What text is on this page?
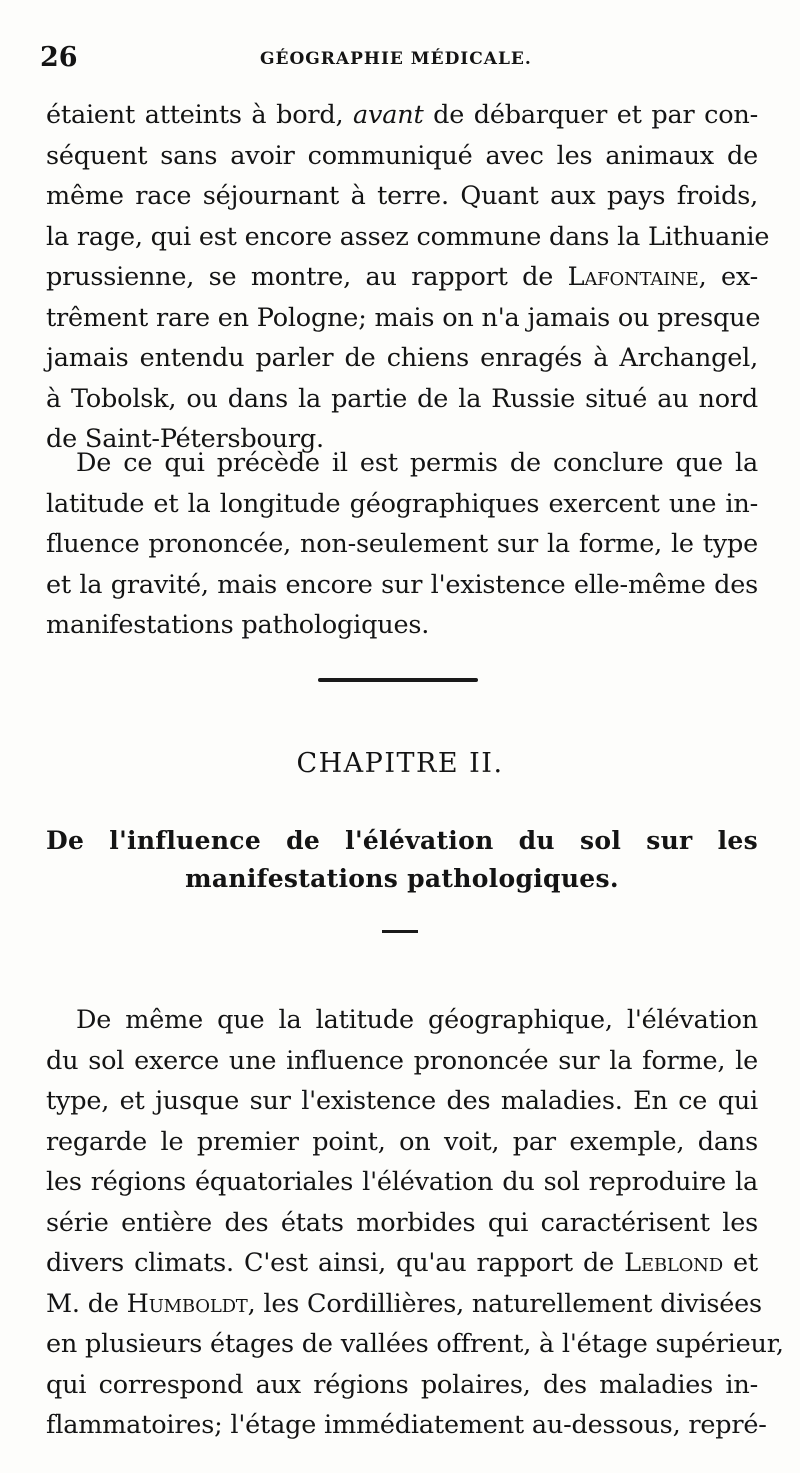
26	GÉOGRAPHIE MÉDICALE.
étaient atteints à bord, avant de débarquer et par con-
séquent sans avoir communiqué avec les animaux de
même race séjournant à terre. Quant aux pays froids,
la rage, qui est encore assez commune dans la Lithuanie
prussienne, se montre, au rapport de Lafontaine, ex-
trêment rare en Pologne; mais on n'a jamais ou presque
jamais entendu parler de chiens enragés à Archangel,
à Tobolsk, ou dans la partie de la Russie situé au nord
de Saint-Pétersbourg.
De ce qui précède il est permis de conclure que la
latitude et la longitude géographiques exercent une in-
fluence prononcée, non-seulement sur la forme, le type
et la gravité, mais encore sur l'existence elle-même des
manifestations pathologiques.
CHAPITRE II.
De l'influence de l'élévation du sol sur les
manifestations pathologiques.
De même que la latitude géographique, l'élévation
du sol exerce une influence prononcée sur la forme, le
type, et jusque sur l'existence des maladies. En ce qui
regarde le premier point, on voit, par exemple, dans
les régions équatoriales l'élévation du sol reproduire la
série entière des états morbides qui caractérisent les
divers climats. C'est ainsi, qu'au rapport de Leblond et
M. de Humboldt, les Cordillières, naturellement divisées
en plusieurs étages de vallées offrent, à l'étage supérieur,
qui correspond aux régions polaires, des maladies in-
flammatoires; l'étage immédiatement au-dessous, repré-
